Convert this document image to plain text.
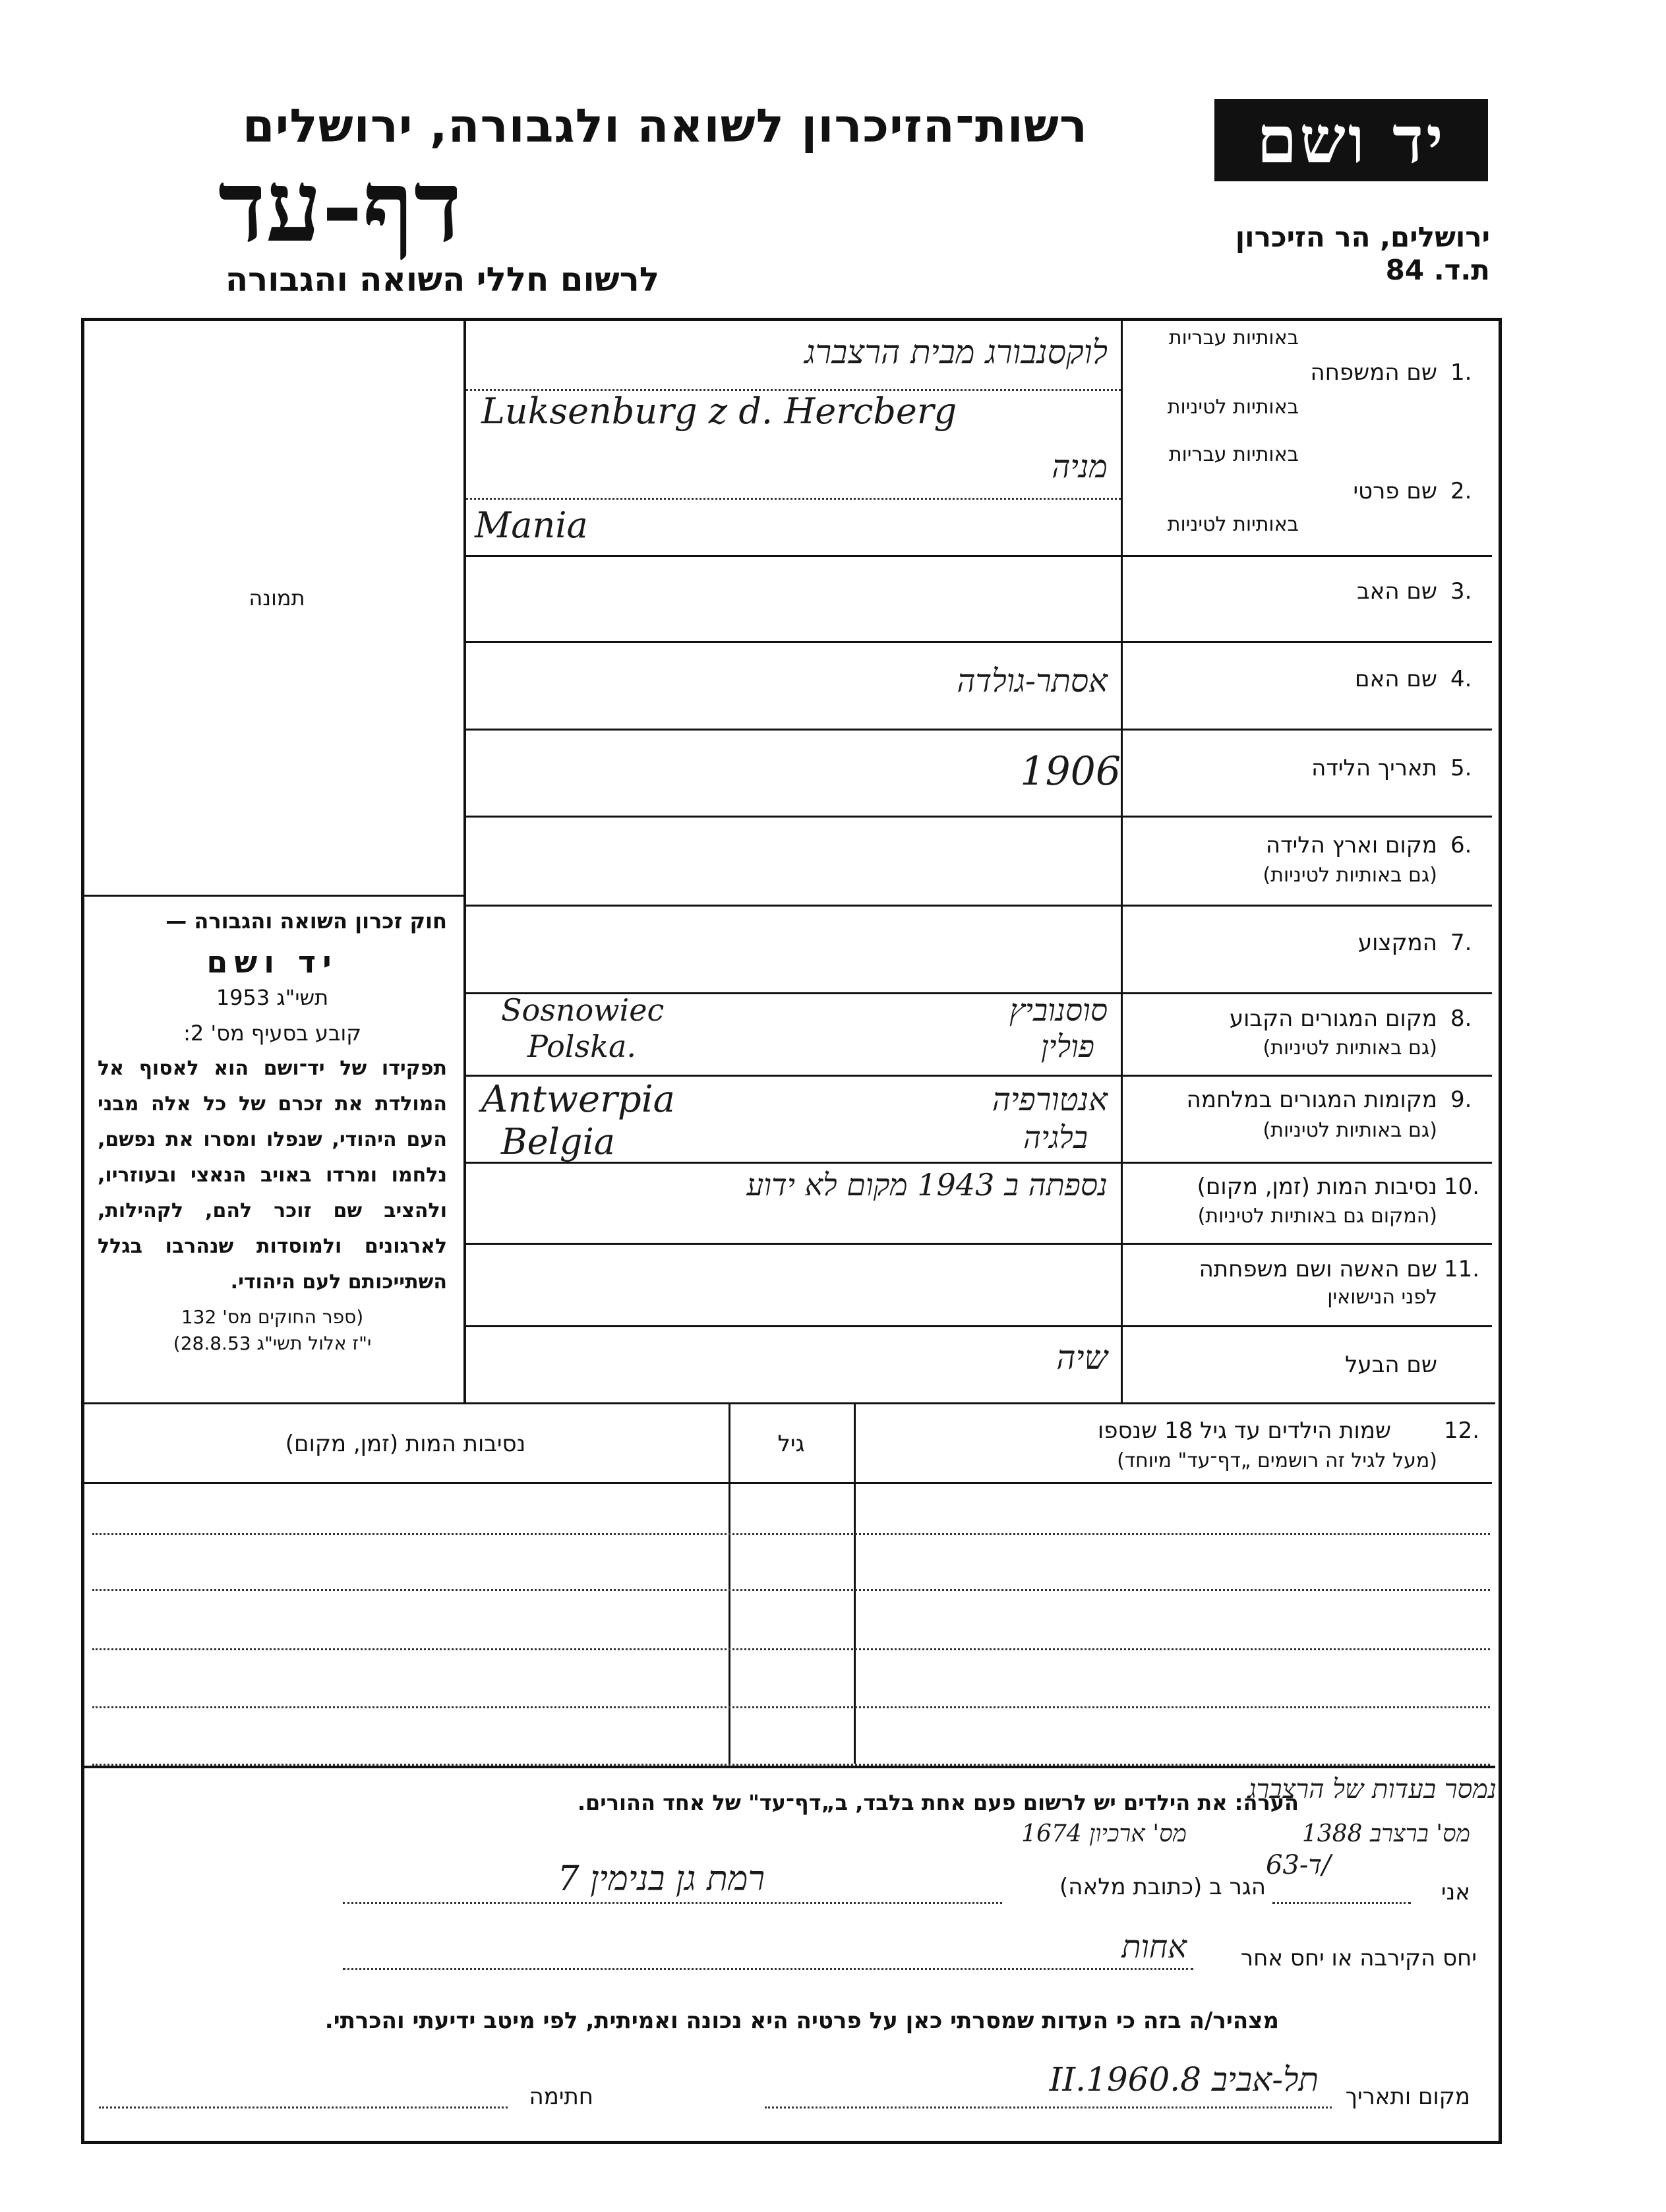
יד ושם
רשות־הזיכרון לשואה ולגבורה, ירושלים
דף-עד
לרשום חללי השואה והגבורה
ירושלים, הר הזיכרון
ת.ד. 84
תמונה
חוק זכרון השואה והגבורה —
יד ושם
תשי"ג 1953
קובע בסעיף מס' 2:
תפקידו של יד־ושם הוא לאסוף אל המולדת את זכרם של כל אלה מבני העם היהודי, שנפלו ומסרו את נפשם, נלחמו ומרדו באויב הנאצי ובעוזריו, ולהציב שם זוכר להם, לקהילות, לארגונים ולמוסדות שנהרבו בגלל השתייכותם לעם היהודי.
(ספר החוקים מס' 132
י"ז אלול תשי"ג 28.8.53)
באותיות עבריות
שם המשפחה 1.
באותיות לטיניות
באותיות עבריות
שם פרטי 2.
באותיות לטיניות
שם האב 3.
שם האם 4.
תאריך הלידה 5.
מקום וארץ הלידה 6.
(גם באותיות לטיניות)
המקצוע 7.
מקום המגורים הקבוע 8.
(גם באותיות לטיניות)
מקומות המגורים במלחמה 9.
(גם באותיות לטיניות)
נסיבות המות (זמן, מקום) 10.
(המקום גם באותיות לטיניות)
שם האשה ושם משפחתה 11.
לפני הנישואין
שם הבעל
לוקסנבורג מבית הרצברג
Luksenburg z d. Hercberg
מניה
Mania
אסתר-גולדה
1906
סוסנוביץ
פולין
Sosnowiec
Polska.
אנטורפיה
בלגיה
Antwerpia
Belgia
נספתה ב 1943 מקום לא ידוע
שיה
שמות הילדים עד גיל 18 שנספו 12.
(מעל לגיל זה רושמים „דף־עד" מיוחד)
גיל
נסיבות המות (זמן, מקום)
הערה: את הילדים יש לרשום פעם אחת בלבד, ב„דף־עד" של אחד ההורים.
נמסר בעדות של הרצברג
מס' ארכיון 1674	מס' ברצרב 1388
63-ד/
אני
הגר ב (כתובת מלאה)
רמת גן בנימין 7
יחס הקירבה או יחס אחר
אחות
מצהיר/ה בזה כי העדות שמסרתי כאן על פרטיה היא נכונה ואמיתית, לפי מיטב ידיעתי והכרתי.
מקום ותאריך
תל-אביב 8.II.1960
חתימה
